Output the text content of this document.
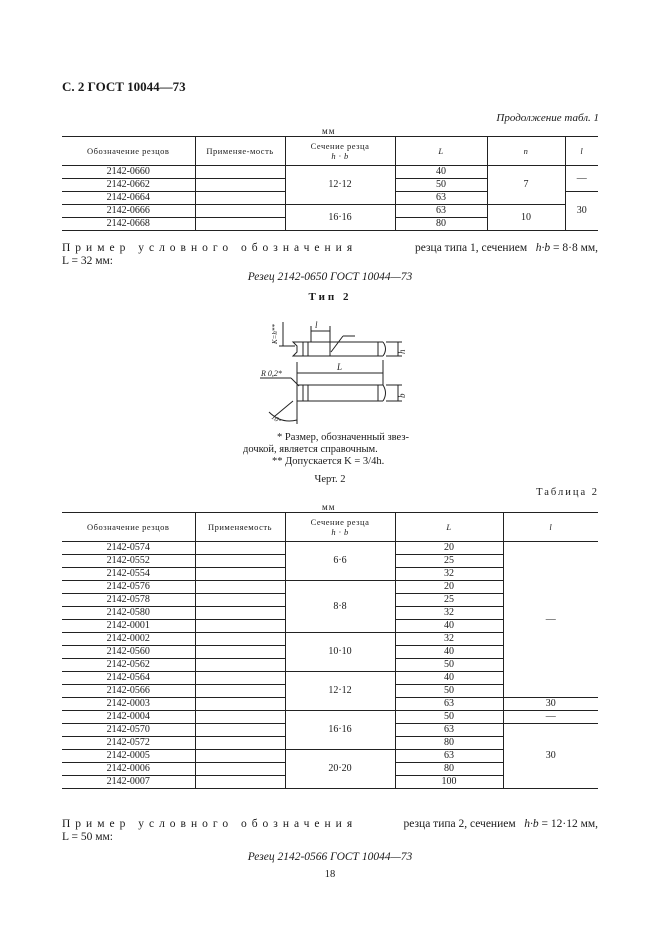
С. 2 ГОСТ 10044—73
Продолжение табл. 1
мм
Обозначение резцов	Применяе-мость	Сечение резца
h · b	L	n	l
2142-0660		12·12	40	7	—
2142-0662			50		
2142-0664			63		30
2142-0666		16·16	63	10	
2142-0668			80		
Пример условного обозначения	резца типа 1, сечением h·b = 8·8 мм,
L = 32 мм:
Резец 2142-0650 ГОСТ 10044—73
Тип 2
l
L
h
b
K=h**
R 0,2*
10°
* Размер, обозначенный звез-
дочкой, является справочным.
** Допускается K = 3/4h.
Черт. 2
Таблица 2
мм
Обозначение резцов	Применяемость	Сечение резца
h · b	L	l
2142-0574		6·6	20	—
2142-0552			25	
2142-0554			32	
2142-0576		8·8	20	
2142-0578			25	
2142-0580			32	
2142-0001			40	
2142-0002		10·10	32	
2142-0560			40	
2142-0562			50	
2142-0564		12·12	40	
2142-0566			50	
2142-0003			63	30
2142-0004		16·16	50	—
2142-0570			63	30
2142-0572			80	
2142-0005		20·20	63	
2142-0006			80	
2142-0007			100	
Пример условного обозначения	резца типа 2, сечением h·b = 12·12 мм,
L = 50 мм:
Резец 2142-0566 ГОСТ 10044—73
18
